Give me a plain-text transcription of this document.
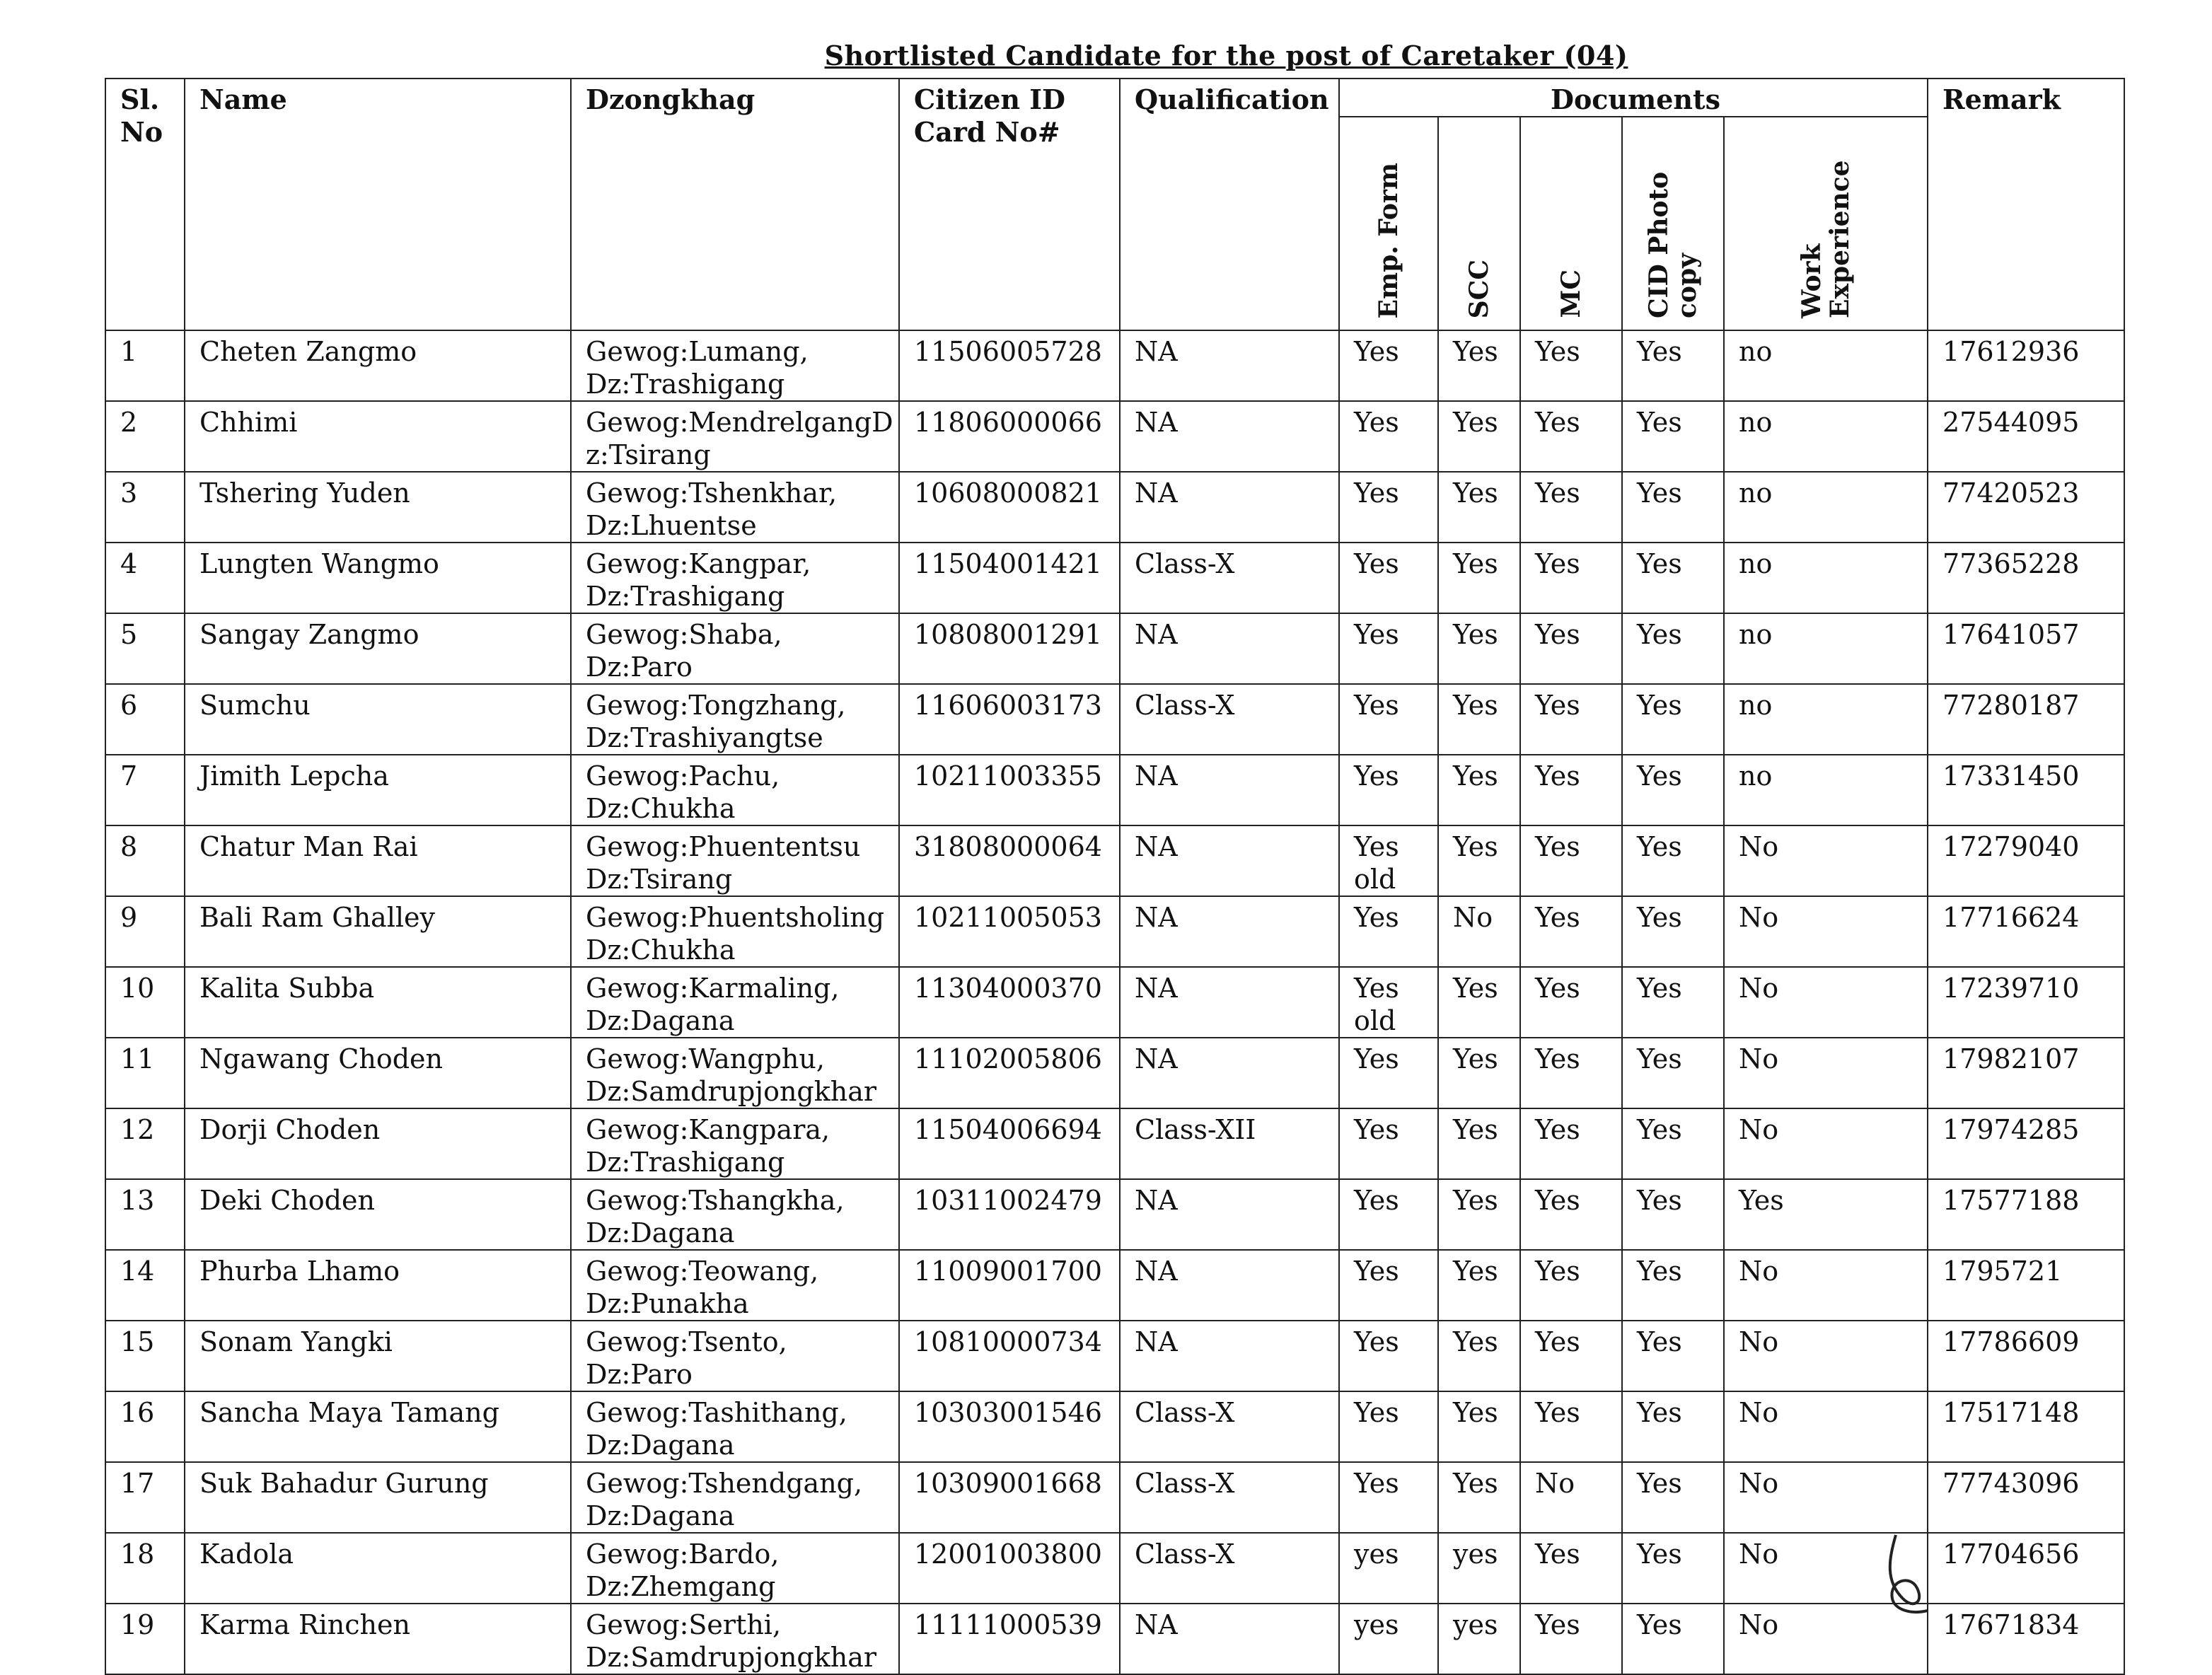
Shortlisted Candidate for the post of Caretaker (04)
Sl. No	Name	Dzongkhag	Citizen ID Card No#	Qualification	Documents					Remark

					Emp. Form	SCC	MC	CID Photo copy	Work Experience	

1	Cheten Zangmo	Gewog:Lumang,
Dz:Trashigang	11506005728	NA	Yes	Yes	Yes	Yes	no	17612936
2	Chhimi	Gewog:MendrelgangD
z:Tsirang	11806000066	NA	Yes	Yes	Yes	Yes	no	27544095
3	Tshering Yuden	Gewog:Tshenkhar,
Dz:Lhuentse	10608000821	NA	Yes	Yes	Yes	Yes	no	77420523
4	Lungten Wangmo	Gewog:Kangpar,
Dz:Trashigang	11504001421	Class-X	Yes	Yes	Yes	Yes	no	77365228
5	Sangay Zangmo	Gewog:Shaba,
Dz:Paro	10808001291	NA	Yes	Yes	Yes	Yes	no	17641057
6	Sumchu	Gewog:Tongzhang,
Dz:Trashiyangtse	11606003173	Class-X	Yes	Yes	Yes	Yes	no	77280187
7	Jimith Lepcha	Gewog:Pachu,
Dz:Chukha	10211003355	NA	Yes	Yes	Yes	Yes	no	17331450
8	Chatur Man Rai	Gewog:Phuententsu
Dz:Tsirang	31808000064	NA	Yes old	Yes	Yes	Yes	No	17279040
9	Bali Ram Ghalley	Gewog:Phuentsholing
Dz:Chukha	10211005053	NA	Yes	No	Yes	Yes	No	17716624
10	Kalita Subba	Gewog:Karmaling,
Dz:Dagana	11304000370	NA	Yes old	Yes	Yes	Yes	No	17239710
11	Ngawang Choden	Gewog:Wangphu,
Dz:Samdrupjongkhar	11102005806	NA	Yes	Yes	Yes	Yes	No	17982107
12	Dorji Choden	Gewog:Kangpara,
Dz:Trashigang	11504006694	Class-XII	Yes	Yes	Yes	Yes	No	17974285
13	Deki Choden	Gewog:Tshangkha,
Dz:Dagana	10311002479	NA	Yes	Yes	Yes	Yes	Yes	17577188
14	Phurba Lhamo	Gewog:Teowang,
Dz:Punakha	11009001700	NA	Yes	Yes	Yes	Yes	No	1795721
15	Sonam Yangki	Gewog:Tsento,
Dz:Paro	10810000734	NA	Yes	Yes	Yes	Yes	No	17786609
16	Sancha Maya Tamang	Gewog:Tashithang,
Dz:Dagana	10303001546	Class-X	Yes	Yes	Yes	Yes	No	17517148
17	Suk Bahadur Gurung	Gewog:Tshendgang,
Dz:Dagana	10309001668	Class-X	Yes	Yes	No	Yes	No	77743096
18	Kadola	Gewog:Bardo,
Dz:Zhemgang	12001003800	Class-X	yes	yes	Yes	Yes	No	17704656
19	Karma Rinchen	Gewog:Serthi,
Dz:Samdrupjongkhar	11111000539	NA	yes	yes	Yes	Yes	No	17671834
